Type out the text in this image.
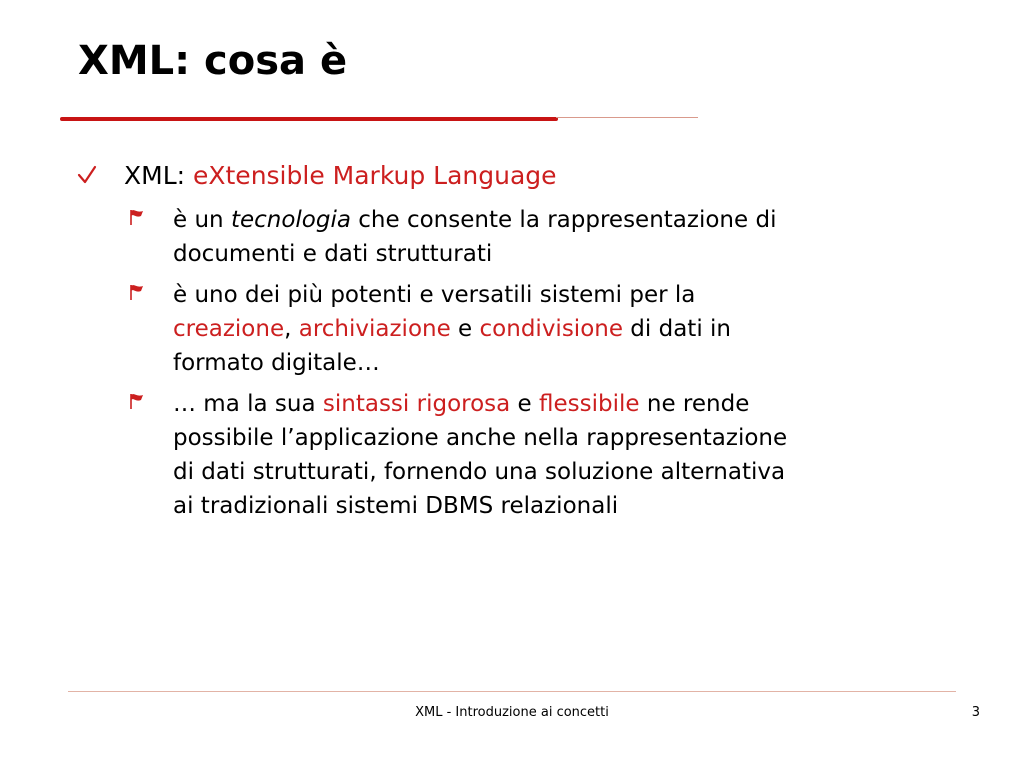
XML: cosa è
XML: eXtensible Markup Language
è un tecnologia che consente la rappresentazione di
documenti e dati strutturati
è uno dei più potenti e versatili sistemi per la
creazione, archiviazione e condivisione di dati in
formato digitale…
… ma la sua sintassi rigorosa e flessibile ne rende
possibile l’applicazione anche nella rappresentazione
di dati strutturati, fornendo una soluzione alternativa
ai tradizionali sistemi DBMS relazionali
XML - Introduzione ai concetti	3
